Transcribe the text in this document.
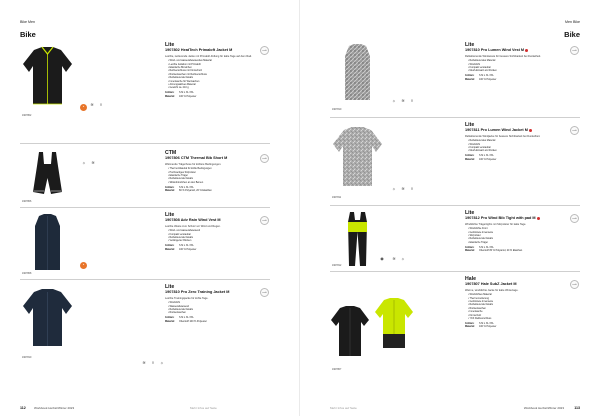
Bike Men
Bike
1907802
★	≋	◊
Lite
1907802 HeatTech Primaloft Jacket M
Leichte, isolierende Jacke mit Primaloft-Füllung für kalte Tage auf dem Rad.
• Wind- und wasserabweisendes Material
• Leichte Isolation mit Primaloft
• Elastische Bündchen
• Reißverschluss mit Kinnschutz
• Rückentaschen mit Reißverschluss
• Reflektierende Details
• Innentasche für Wertsachen
• Atmungsaktives Material
• Gewicht ca. 210 g
Größen: S M L XL XXL
Material: 100 % Polyester
craft
1907806
☼	≋
CTM
1907806 CTM Thermal Bib Short M
Wärmende Trägerhose für kühlere Bedingungen.
• Thermo-Material für kühle Bedingungen
• Hochwertiges Sitzpolster
• Elastische Träger
• Reflektierende Details
• Silikonbündchen an den Beinen
Größen: S M L XL XXL
Material: 80 % Polyamid, 20 % Elasthan
craft
★
Lite
1907808 Adv Rain Wind Vest M
Leichte Weste zum Schutz vor Wind und Regen.
• Wind- und wasserabweisend
• Kompakt verstaubar
• Reflektierende Details
• Verlängerter Rücken
Größen: S M L XL XXL
Material: 100 % Polyester
craft
1907808
1907810
≋	◊	☼
Lite
1907810 Pro Zero Training Jacket M
Leichte Trainingsjacke für kühle Tage.
• Winddicht
• Wasserabweisend
• Reflektierende Details
• Rückentaschen
Größen: S M L XL XXL
Material: Oberstoff 100 % Polyester
craft
112	Workbook Herbst/Winter 2023	Mehr Infos auf Seite
Men Bike
Bike
1907810
☼	≋	◊
Lite
1907810 Pro Lumen Wind Vest M
Reflektierende Windweste für bessere Sichtbarkeit bei Dunkelheit.
• Reflektierendes Material
• Winddicht
• Kompakt verstaubar
• Mesh-Einsatz am Rücken
Größen: S M L XL XXL
Material: 100 % Polyester
craft
1907811
☼	≋	◊
Lite
1907811 Pro Lumen Wind Jacket M
Reflektierende Windjacke für bessere Sichtbarkeit bei Dunkelheit.
• Reflektierendes Material
• Winddicht
• Kompakt verstaubar
• Mesh-Einsatz am Rücken
Größen: S M L XL XXL
Material: 100 % Polyester
craft
1907812
◉	≋	☼
Lite
1907812 Pro Wind Bib Tight with pad M
Winddichte Trägertights mit Sitzpolster für kalte Tage.
• Winddichte Front
• Gebürstete Innenseite
• Sitzpolster
• Reflektierende Details
• Elastische Träger
Größen: S M L XL XXL
Material: Oberstoff 80 % Polyamid, 20 % Elasthan
craft
1907807
Hale
1907807 Hale SubZ Jacket M
Warme, winddichte Jacke für kalte Wintertage.
• Winddichtes Material
• Thermo-Isolierung
• Gebürstete Innenseite
• Reflektierende Details
• Rückentaschen
• Innentasche
• Kinnschutz
• YKK Reißverschluss
Größen: S M L XL XXL
Material: 100 % Polyester
craft
Mehr Infos auf Seite	Workbook Herbst/Winter 2023	113
